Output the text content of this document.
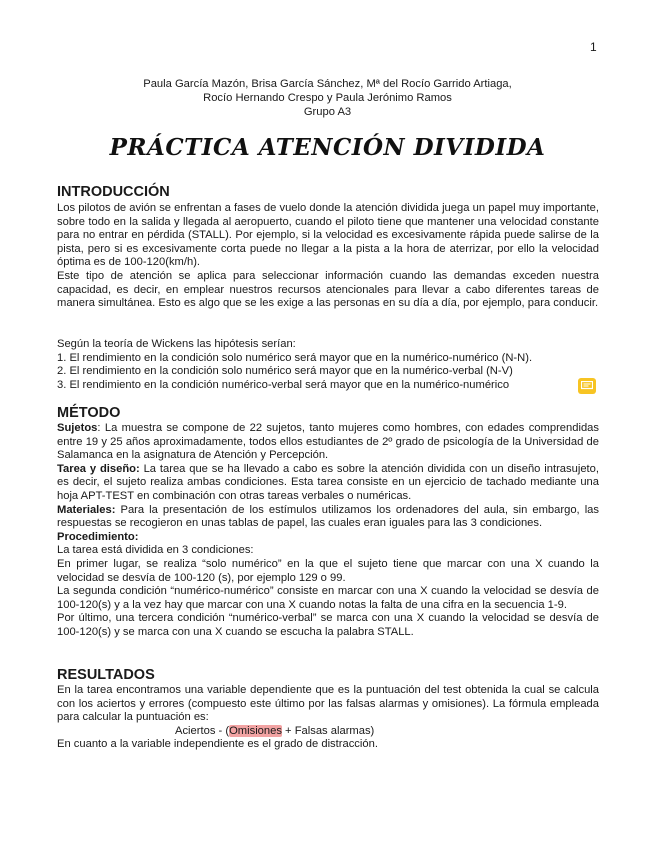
1
Paula García Mazón, Brisa García Sánchez, Mª del Rocío Garrido Artiaga,
Rocío Hernando Crespo y Paula Jerónimo Ramos
Grupo A3
PRÁCTICA ATENCIÓN DIVIDIDA
INTRODUCCIÓN

Los pilotos de avión se enfrentan a fases de vuelo donde la atención dividida juega un papel muy importante, sobre todo en la salida y llegada al aeropuerto, cuando el piloto tiene que mantener una velocidad constante para no entrar en pérdida (STALL). Por ejemplo, si la velocidad es excesivamente rápida puede salirse de la pista, pero si es excesivamente corta puede no llegar a la pista a la hora de aterrizar, por ello la velocidad óptima es de 100-120(km/h).

Este tipo de atención se aplica para seleccionar información cuando las demandas exceden nuestra capacidad, es decir, en emplear nuestros recursos atencionales para llevar a cabo diferentes tareas de manera simultánea. Esto es algo que se les exige a las personas en su día a día, por ejemplo, para conducir.

Según la teoría de Wickens las hipótesis serían:

1. El rendimiento en la condición solo numérico será mayor que en la numérico-numérico (N-N).

2. El rendimiento en la condición solo numérico será mayor que en la numérico-verbal (N-V)

3. El rendimiento en la condición numérico-verbal será mayor que en la numérico-numérico

MÉTODO

Sujetos: La muestra se compone de 22 sujetos, tanto mujeres como hombres, con edades comprendidas entre 19 y 25 años aproximadamente, todos ellos estudiantes de 2º grado de psicología de la Universidad de Salamanca en la asignatura de Atención y Percepción.

Tarea y diseño: La tarea que se ha llevado a cabo es sobre la atención dividida con un diseño intrasujeto, es decir, el sujeto realiza ambas condiciones. Esta tarea consiste en un ejercicio de tachado mediante una hoja APT-TEST en combinación con otras tareas verbales o numéricas.

Materiales: Para la presentación de los estímulos utilizamos los ordenadores del aula, sin embargo, las respuestas se recogieron en unas tablas de papel, las cuales eran iguales para las 3 condiciones.

Procedimiento:

La tarea está dividida en 3 condiciones:

En primer lugar, se realiza “solo numérico” en la que el sujeto tiene que marcar con una X cuando la velocidad se desvía de 100-120 (s), por ejemplo 129 o 99.

La segunda condición “numérico-numérico” consiste en marcar con una X cuando la velocidad se desvía de 100-120(s) y a la vez hay que marcar con una X cuando notas la falta de una cifra en la secuencia 1-9.

Por último, una tercera condición “numérico-verbal” se marca con una X cuando la velocidad se desvía de 100-120(s) y se marca con una X cuando se escucha la palabra STALL.

RESULTADOS

En la tarea encontramos una variable dependiente que es la puntuación del test obtenida la cual se calcula con los aciertos y errores (compuesto este último por las falsas alarmas y omisiones). La fórmula empleada para calcular la puntuación es:

Aciertos - (Omisiones + Falsas alarmas)

En cuanto a la variable independiente es el grado de distracción.
